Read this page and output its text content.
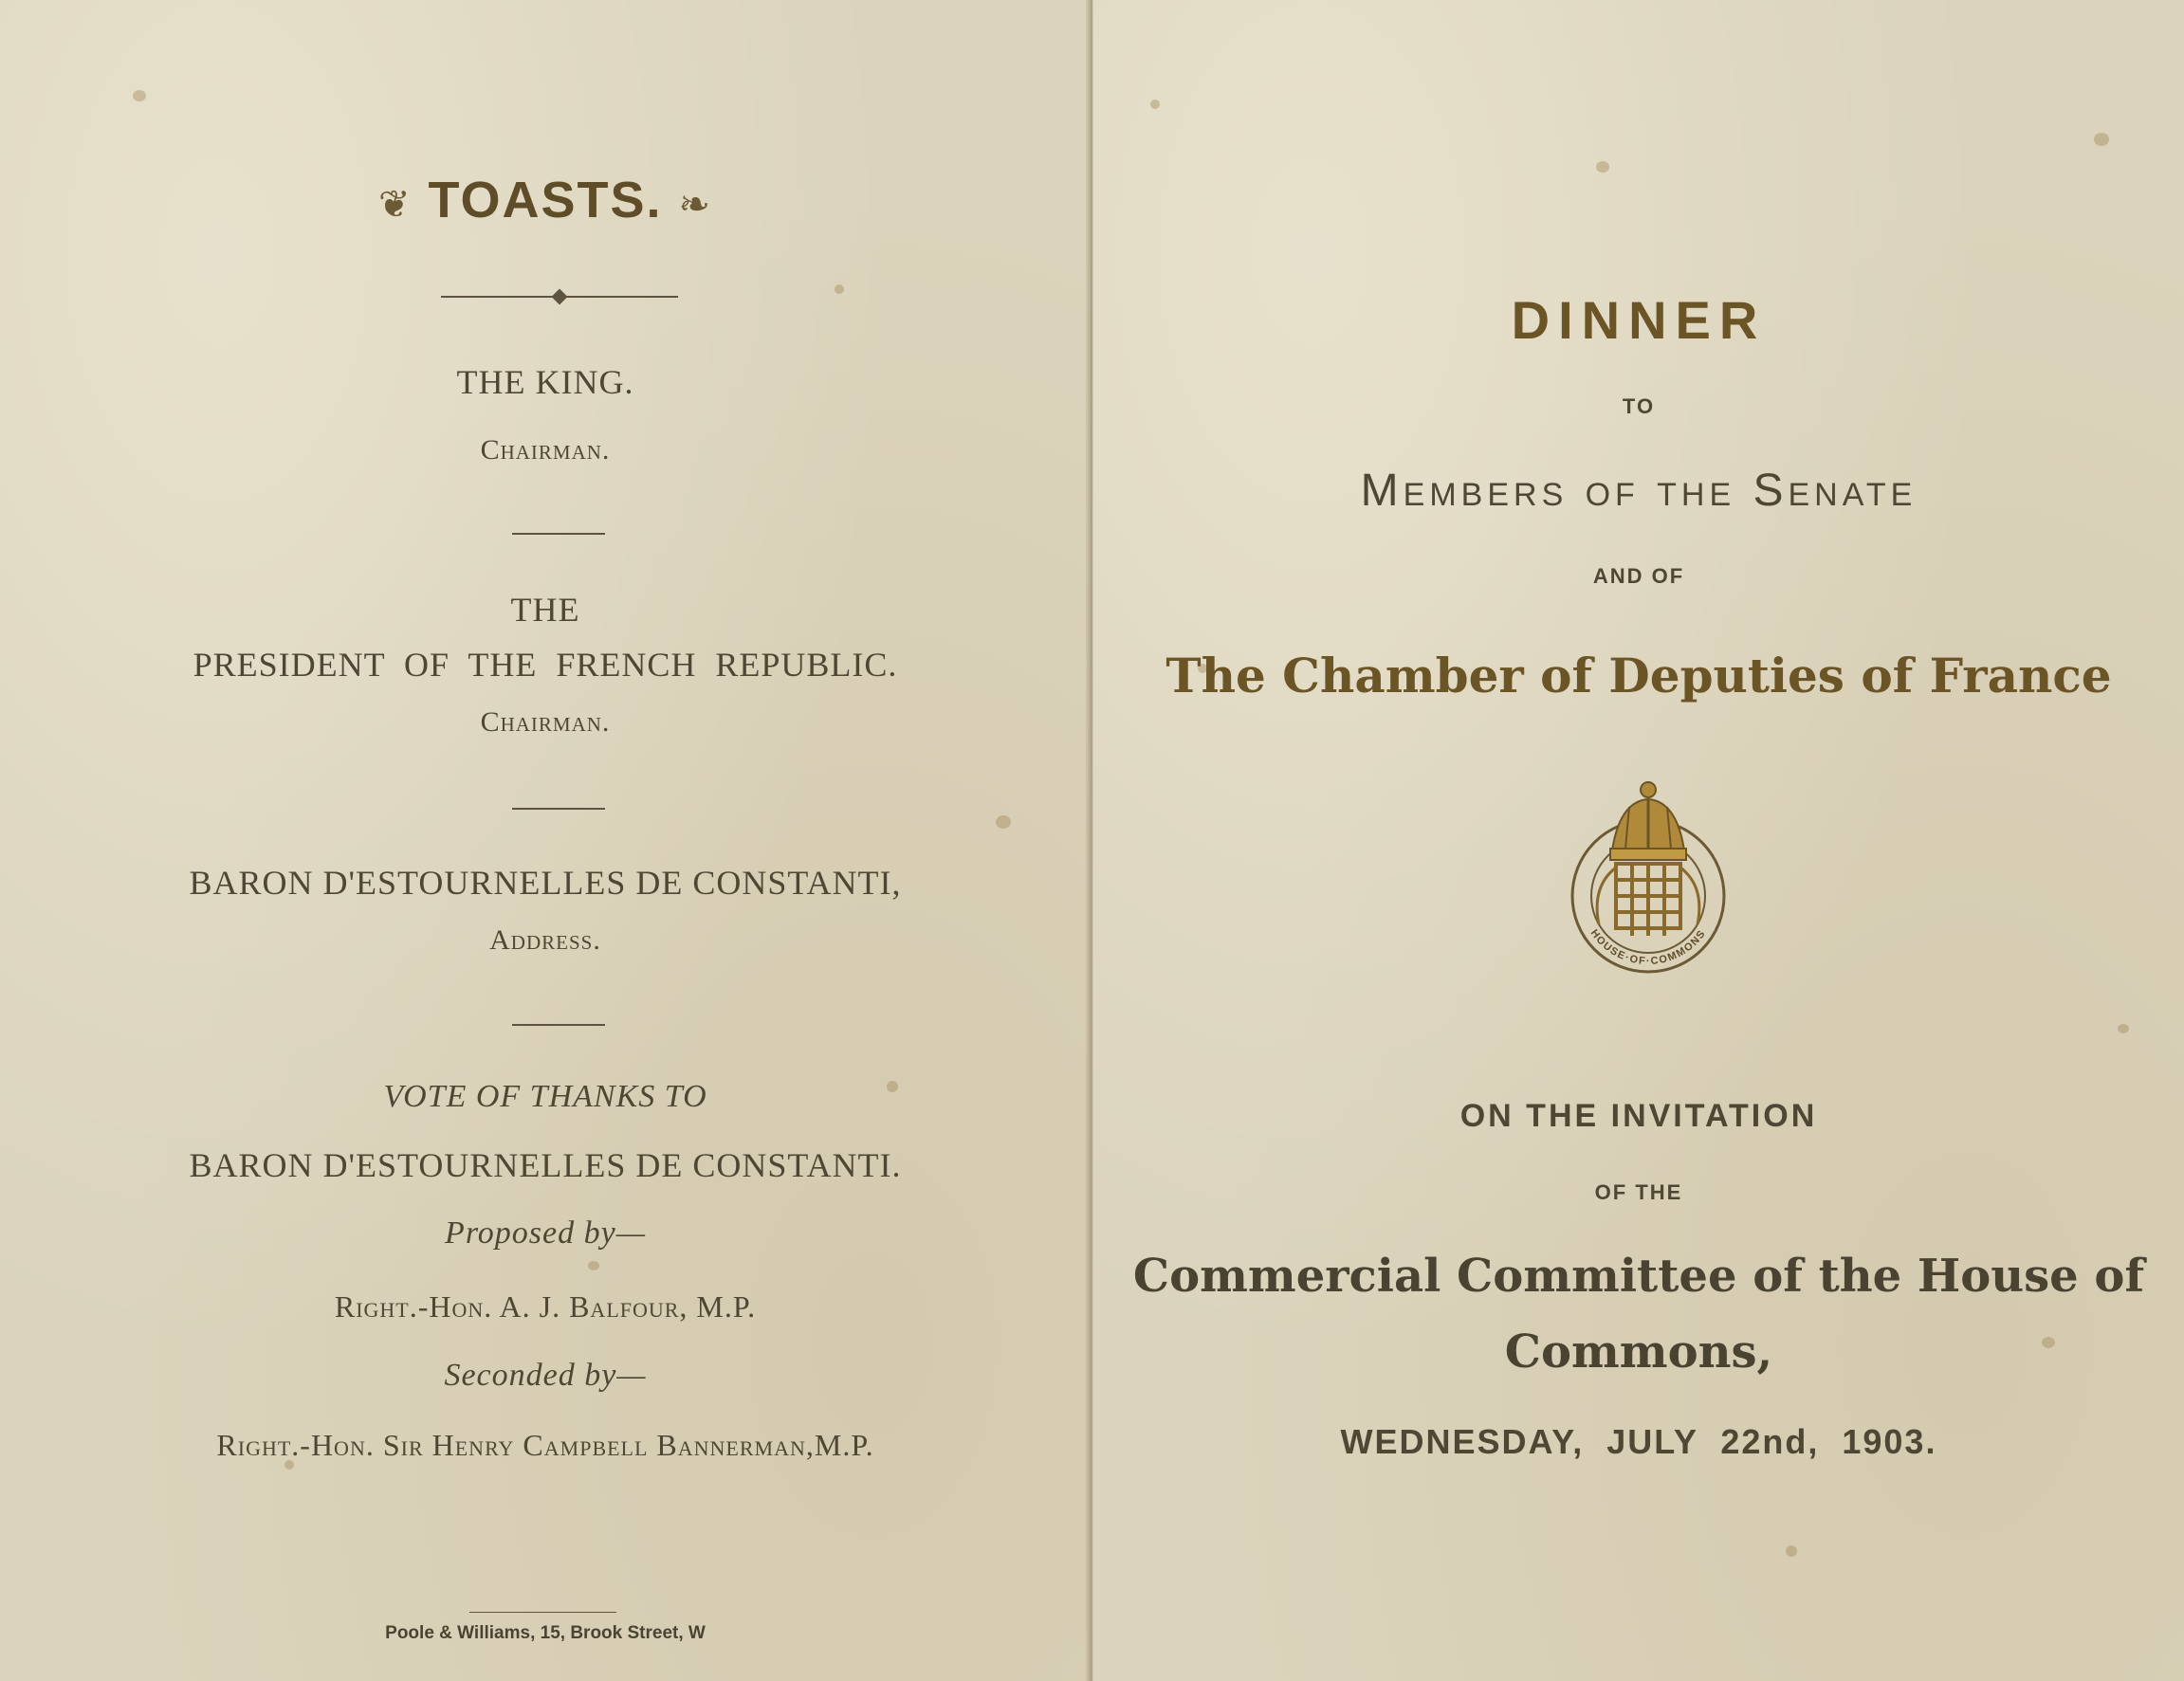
❦ TOASTS. ❧
THE KING.
Chairman.
THE
PRESIDENT  OF  THE  FRENCH  REPUBLIC.
Chairman.
BARON D'ESTOURNELLES DE CONSTANTI,
Address.
VOTE OF THANKS TO
BARON D'ESTOURNELLES DE CONSTANTI.
Proposed by—
Right.-Hon. A. J. Balfour, M.P.
Seconded by—
Right.-Hon. Sir Henry Campbell Bannerman,M.P.
Poole & Williams, 15, Brook Street, W
DINNER
TO
Members of the Senate
AND OF
The Chamber of Deputies of France
HOUSE·OF·COMMONS
ON THE INVITATION
OF THE
Commercial Committee of the House of
Commons,
WEDNESDAY,  JULY  22nd,  1903.
